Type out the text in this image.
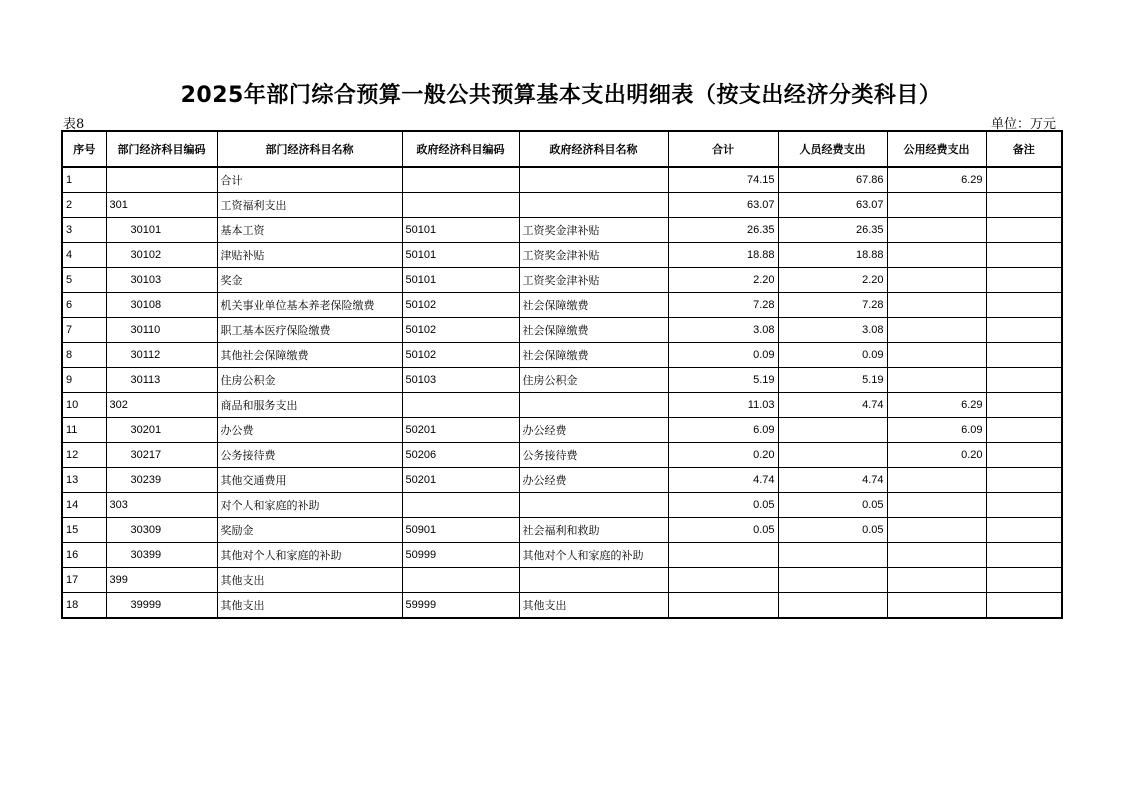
2025年部门综合预算一般公共预算基本支出明细表（按支出经济分类科目）
表8	单位：万元
序号	部门经济科目编码	部门经济科目名称	政府经济科目编码	政府经济科目名称	合计	人员经费支出	公用经费支出	备注
1		合计			74.15	67.86	6.29	
2	301	工资福利支出			63.07	63.07		
3	30101	基本工资	50101	工资奖金津补贴	26.35	26.35		
4	30102	津贴补贴	50101	工资奖金津补贴	18.88	18.88		
5	30103	奖金	50101	工资奖金津补贴	2.20	2.20		
6	30108	机关事业单位基本养老保险缴费	50102	社会保障缴费	7.28	7.28		
7	30110	职工基本医疗保险缴费	50102	社会保障缴费	3.08	3.08		
8	30112	其他社会保障缴费	50102	社会保障缴费	0.09	0.09		
9	30113	住房公积金	50103	住房公积金	5.19	5.19		
10	302	商品和服务支出			11.03	4.74	6.29	
11	30201	办公费	50201	办公经费	6.09		6.09	
12	30217	公务接待费	50206	公务接待费	0.20		0.20	
13	30239	其他交通费用	50201	办公经费	4.74	4.74		
14	303	对个人和家庭的补助			0.05	0.05		
15	30309	奖励金	50901	社会福利和救助	0.05	0.05		
16	30399	其他对个人和家庭的补助	50999	其他对个人和家庭的补助				
17	399	其他支出						
18	39999	其他支出	59999	其他支出				
